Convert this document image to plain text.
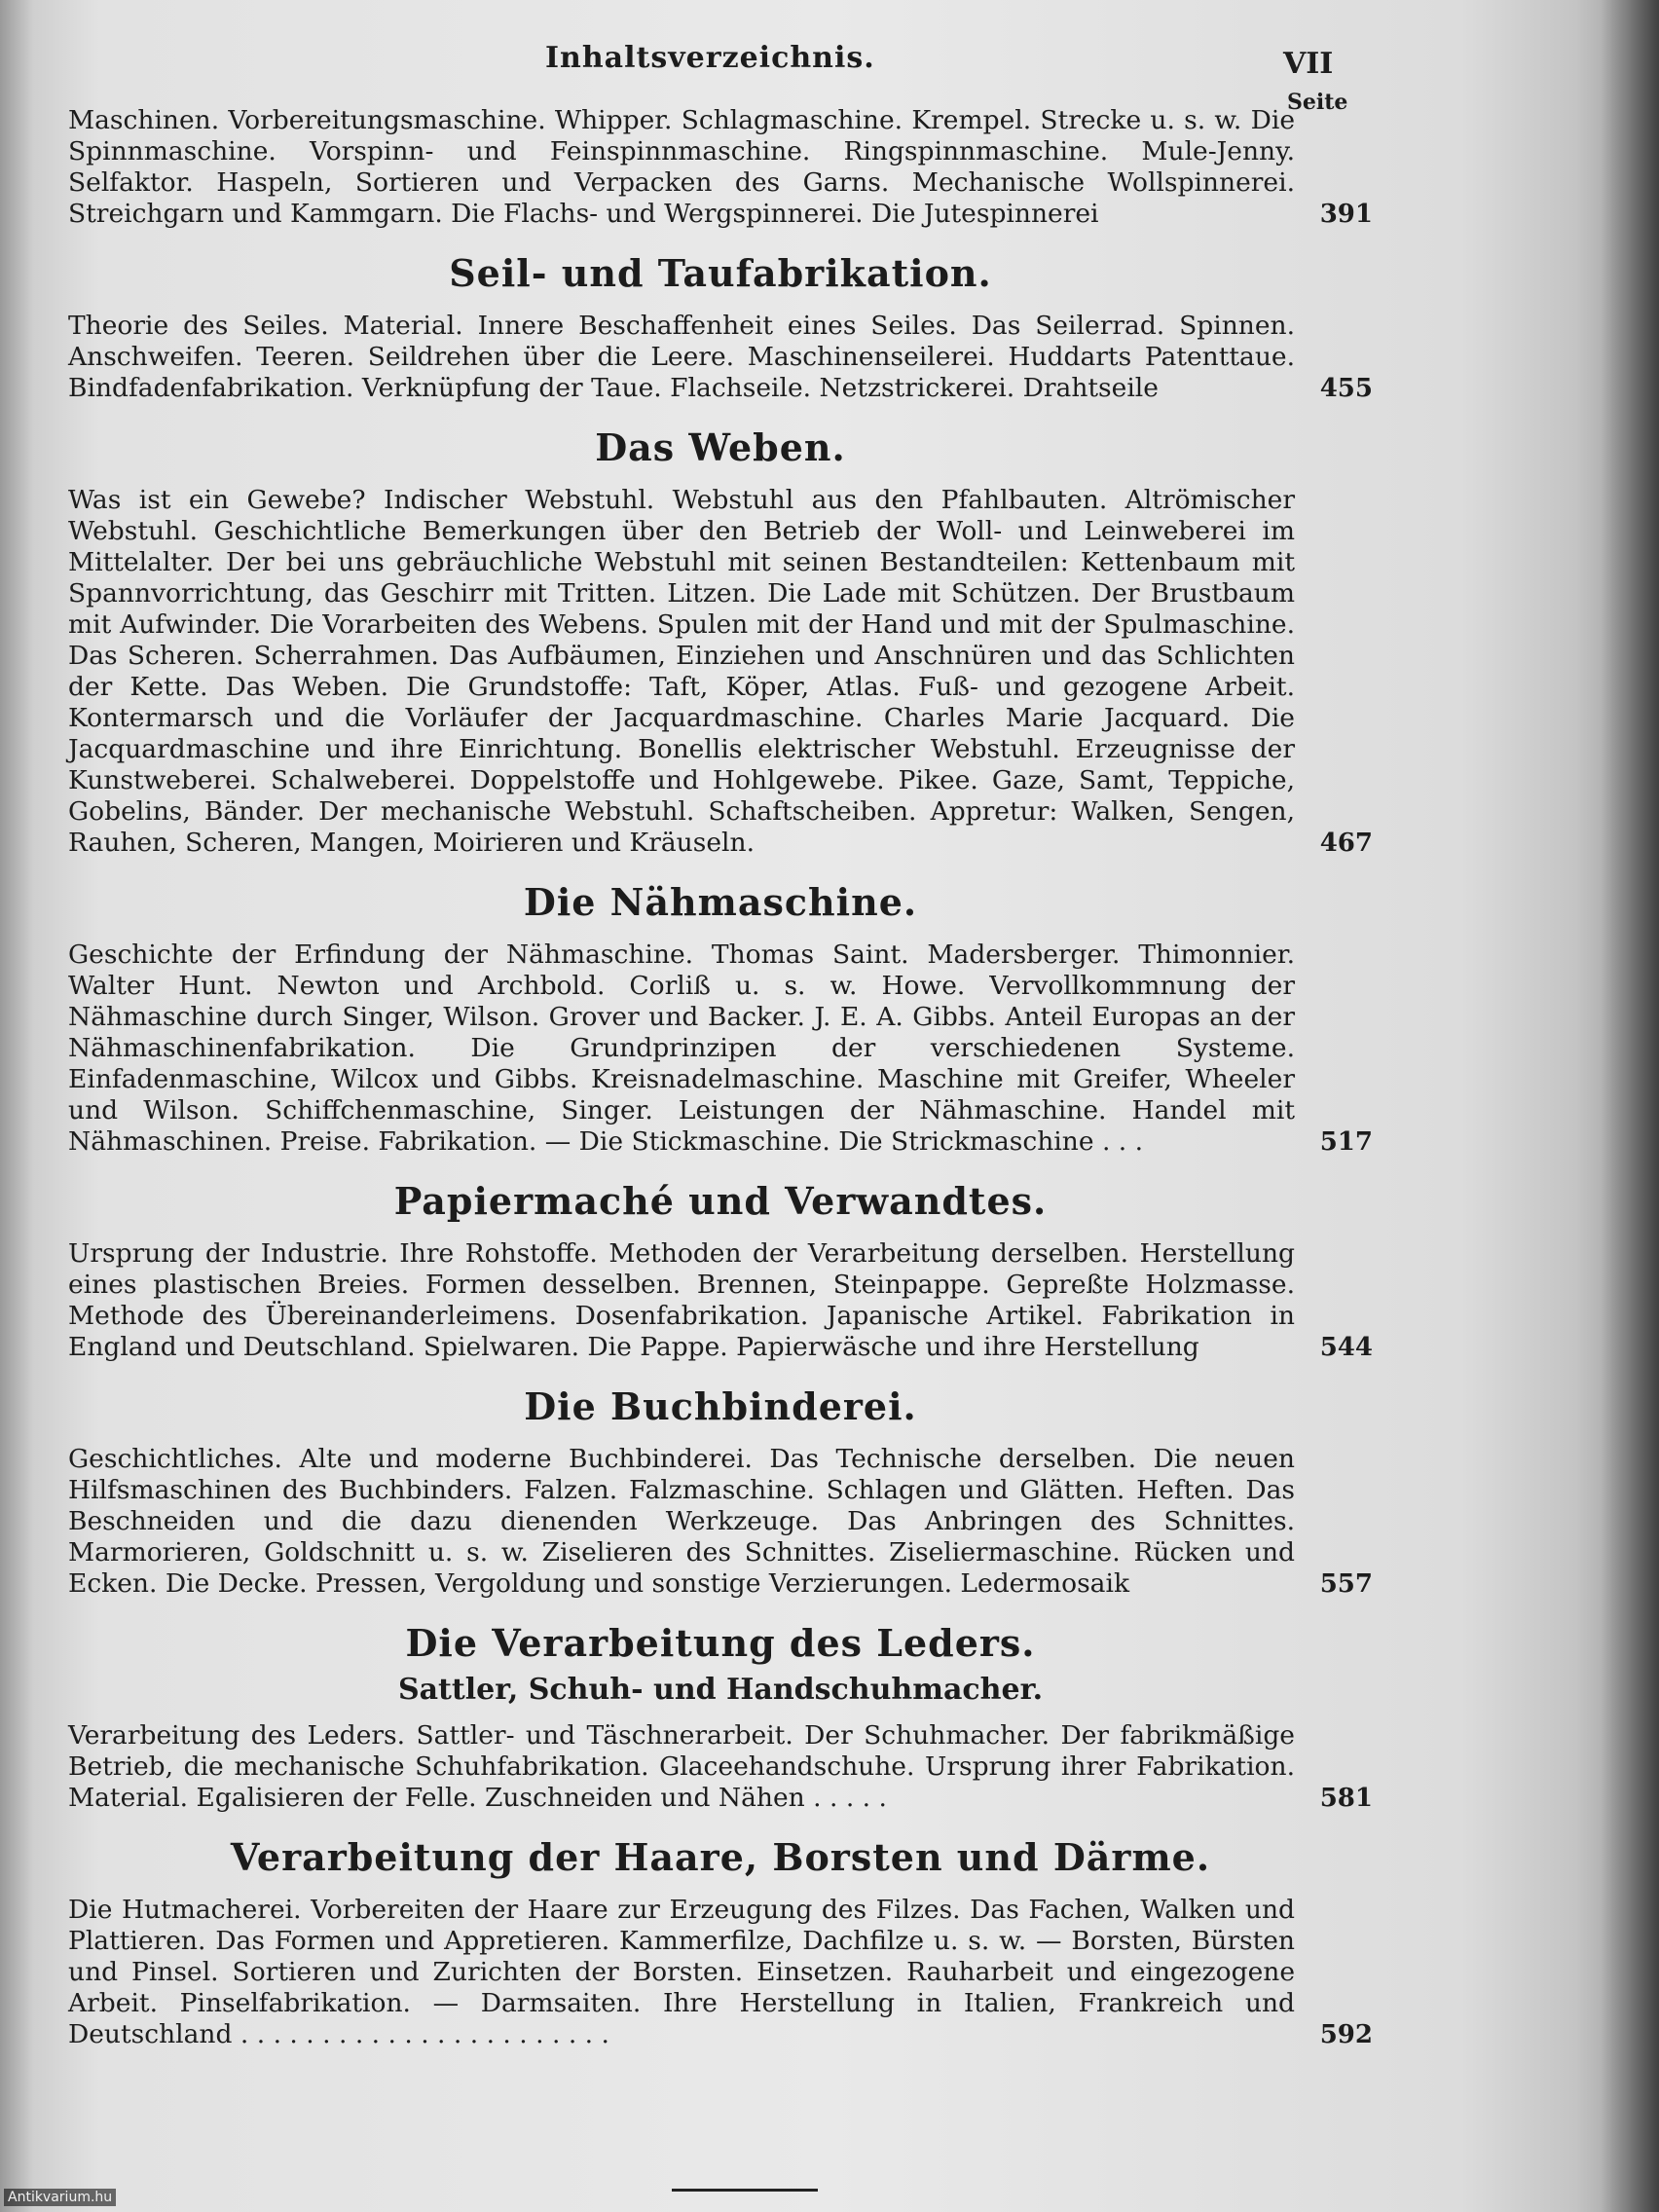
Inhaltsverzeichnis.	VII
Seite
Maschinen. Vorbereitungsmaschine. Whipper. Schlagmaschine. Krempel. Strecke u. s. w. Die Spinnmaschine. Vorspinn- und Feinspinnmaschine. Ringspinnmaschine. Mule-Jenny. Selfaktor. Haspeln, Sortieren und Verpacken des Garns. Mechanische Wollspinnerei. Streichgarn und Kammgarn. Die Flachs- und Wergspinnerei. Die Jutespinnerei	391
Seil- und Taufabrikation.
Theorie des Seiles. Material. Innere Beschaffenheit eines Seiles. Das Seilerrad. Spinnen. Anschweifen. Teeren. Seildrehen über die Leere. Maschinenseilerei. Huddarts Patenttaue. Bindfadenfabrikation. Verknüpfung der Taue. Flachseile. Netzstrickerei. Drahtseile	455
Das Weben.
Was ist ein Gewebe? Indischer Webstuhl. Webstuhl aus den Pfahlbauten. Altrömischer Webstuhl. Geschichtliche Bemerkungen über den Betrieb der Woll- und Leinweberei im Mittelalter. Der bei uns gebräuchliche Webstuhl mit seinen Bestandteilen: Kettenbaum mit Spannvorrichtung, das Geschirr mit Tritten. Litzen. Die Lade mit Schützen. Der Brustbaum mit Aufwinder. Die Vorarbeiten des Webens. Spulen mit der Hand und mit der Spulmaschine. Das Scheren. Scherrahmen. Das Aufbäumen, Einziehen und Anschnüren und das Schlichten der Kette. Das Weben. Die Grundstoffe: Taft, Köper, Atlas. Fuß- und gezogene Arbeit. Kontermarsch und die Vorläufer der Jacquardmaschine. Charles Marie Jacquard. Die Jacquardmaschine und ihre Einrichtung. Bonellis elektrischer Webstuhl. Erzeugnisse der Kunstweberei. Schalweberei. Doppelstoffe und Hohlgewebe. Pikee. Gaze, Samt, Teppiche, Gobelins, Bänder. Der mechanische Webstuhl. Schaftscheiben. Appretur: Walken, Sengen, Rauhen, Scheren, Mangen, Moirieren und Kräuseln.	467
Die Nähmaschine.
Geschichte der Erfindung der Nähmaschine. Thomas Saint. Madersberger. Thimonnier. Walter Hunt. Newton und Archbold. Corliß u. s. w. Howe. Vervollkommnung der Nähmaschine durch Singer, Wilson. Grover und Backer. J. E. A. Gibbs. Anteil Europas an der Nähmaschinenfabrikation. Die Grundprinzipen der verschiedenen Systeme. Einfadenmaschine, Wilcox und Gibbs. Kreisnadelmaschine. Maschine mit Greifer, Wheeler und Wilson. Schiffchenmaschine, Singer. Leistungen der Nähmaschine. Handel mit Nähmaschinen. Preise. Fabrikation. — Die Stickmaschine. Die Strickmaschine . . .	517
Papiermaché und Verwandtes.
Ursprung der Industrie. Ihre Rohstoffe. Methoden der Verarbeitung derselben. Herstellung eines plastischen Breies. Formen desselben. Brennen, Steinpappe. Gepreßte Holzmasse. Methode des Übereinanderleimens. Dosenfabrikation. Japanische Artikel. Fabrikation in England und Deutschland. Spielwaren. Die Pappe. Papierwäsche und ihre Herstellung	544
Die Buchbinderei.
Geschichtliches. Alte und moderne Buchbinderei. Das Technische derselben. Die neuen Hilfsmaschinen des Buchbinders. Falzen. Falzmaschine. Schlagen und Glätten. Heften. Das Beschneiden und die dazu dienenden Werkzeuge. Das Anbringen des Schnittes. Marmorieren, Goldschnitt u. s. w. Ziselieren des Schnittes. Ziseliermaschine. Rücken und Ecken. Die Decke. Pressen, Vergoldung und sonstige Verzierungen. Ledermosaik	557
Die Verarbeitung des Leders.
Sattler, Schuh- und Handschuhmacher.
Verarbeitung des Leders. Sattler- und Täschnerarbeit. Der Schuhmacher. Der fabrikmäßige Betrieb, die mechanische Schuhfabrikation. Glaceehandschuhe. Ursprung ihrer Fabrikation. Material. Egalisieren der Felle. Zuschneiden und Nähen . . . . .	581
Verarbeitung der Haare, Borsten und Därme.
Die Hutmacherei. Vorbereiten der Haare zur Erzeugung des Filzes. Das Fachen, Walken und Plattieren. Das Formen und Appretieren. Kammerfilze, Dachfilze u. s. w. — Borsten, Bürsten und Pinsel. Sortieren und Zurichten der Borsten. Einsetzen. Rauharbeit und eingezogene Arbeit. Pinselfabrikation. — Darmsaiten. Ihre Herstellung in Italien, Frankreich und Deutschland . . . . . . . . . . . . . . . . . . . . . . .	592
Antikvarium.hu
